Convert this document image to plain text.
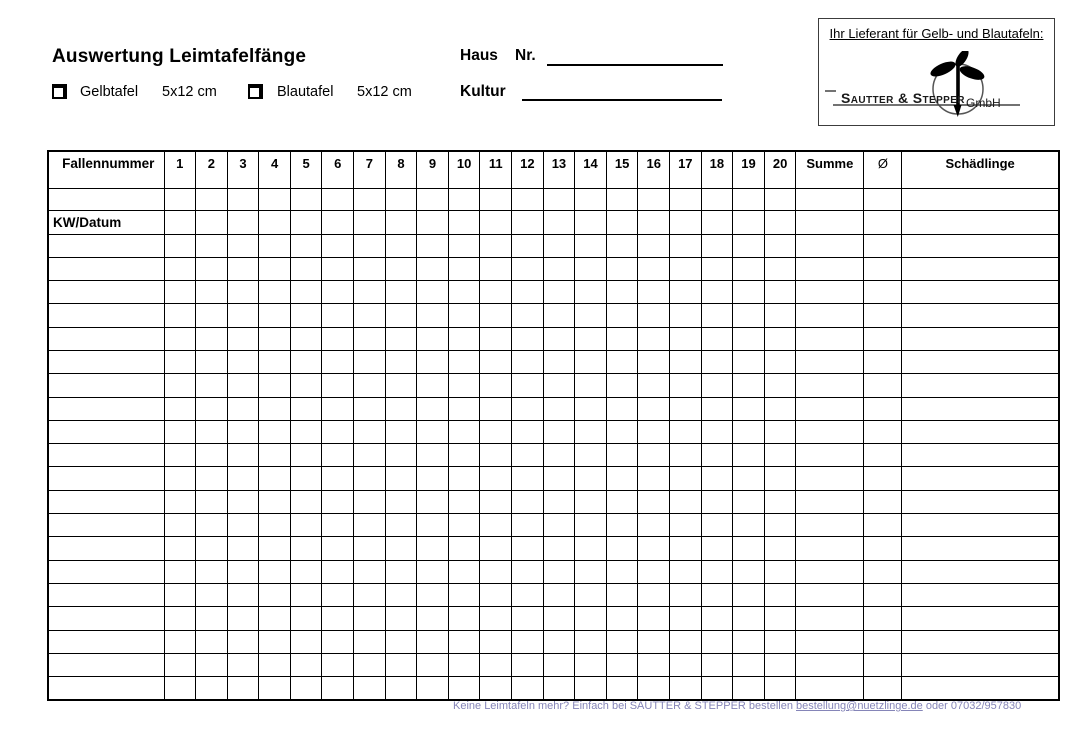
Auswertung Leimtafelfänge
Gelbtafel 5x12 cm	Blautafel 5x12 cm
Haus Nr.
Kultur
Ihr Lieferant für Gelb- und Blautafeln:
Sautter & Stepper GmbH
Fallennummer	1	2	3	4	5	6	7	8	9	10	11	12	13	14	15	16	17	18	19	20	Summe	Ø	Schädlinge

KW/Datum																							

Keine Leimtafeln mehr? Einfach bei SAUTTER & STEPPER bestellen bestellung@nuetzlinge.de oder 07032/957830
